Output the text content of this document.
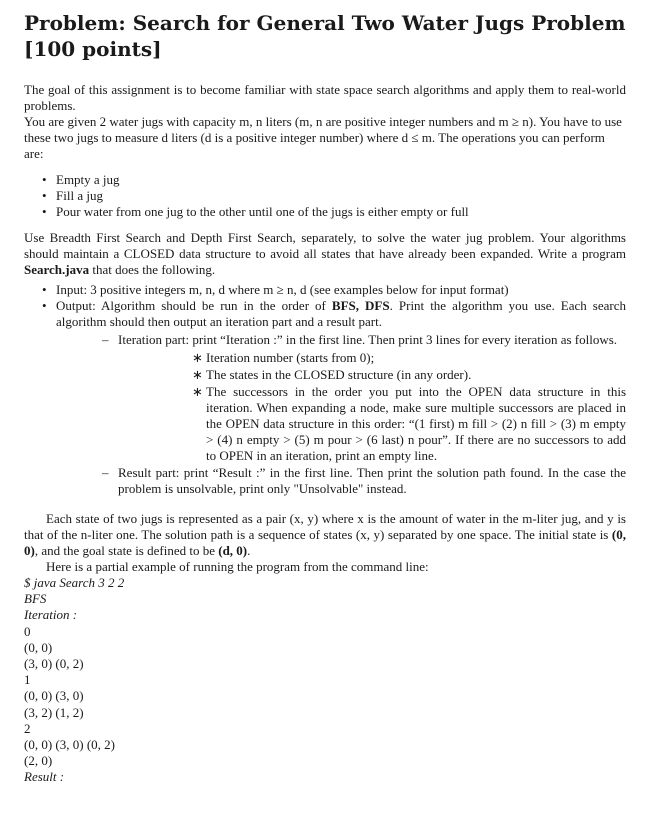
Problem: Search for General Two Water Jugs Problem [100 points]

The goal of this assignment is to become familiar with state space search algorithms and apply them to real-world problems.

You are given 2 water jugs with capacity m, n liters (m, n are positive integer numbers and m ≥ n). You have to use these two jugs to measure d liters (d is a positive integer number) where d ≤ m. The operations you can perform are:

• Empty a jug
• Fill a jug
• Pour water from one jug to the other until one of the jugs is either empty or full

Use Breadth First Search and Depth First Search, separately, to solve the water jug problem. Your algorithms should maintain a CLOSED data structure to avoid all states that have already been expanded. Write a program Search.java that does the following.

• Input: 3 positive integers m, n, d where m ≥ n, d (see examples below for input format)
• Output: Algorithm should be run in the order of BFS, DFS. Print the algorithm you use. Each search algorithm should then output an iteration part and a result part.
– Iteration part: print “Iteration :” in the first line. Then print 3 lines for every iteration as follows.
∗ Iteration number (starts from 0);
∗ The states in the CLOSED structure (in any order).
∗ The successors in the order you put into the OPEN data structure in this iteration. When expanding a node, make sure multiple successors are placed in the OPEN data structure in this order: “(1 first) m fill > (2) n fill > (3) m empty > (4) n empty > (5) m pour > (6 last) n pour”. If there are no successors to add to OPEN in an iteration, print an empty line.
– Result part: print “Result :” in the first line. Then print the solution path found. In the case the problem is unsolvable, print only "Unsolvable" instead.

Each state of two jugs is represented as a pair (x, y) where x is the amount of water in the m-liter jug, and y is that of the n-liter one. The solution path is a sequence of states (x, y) separated by one space. The initial state is (0, 0), and the goal state is defined to be (d, 0).

Here is a partial example of running the program from the command line:

$ java Search 3 2 2
BFS
Iteration :
0
(0, 0)
(3, 0) (0, 2)
1
(0, 0) (3, 0)
(3, 2) (1, 2)
2
(0, 0) (3, 0) (0, 2)
(2, 0)
Result :
